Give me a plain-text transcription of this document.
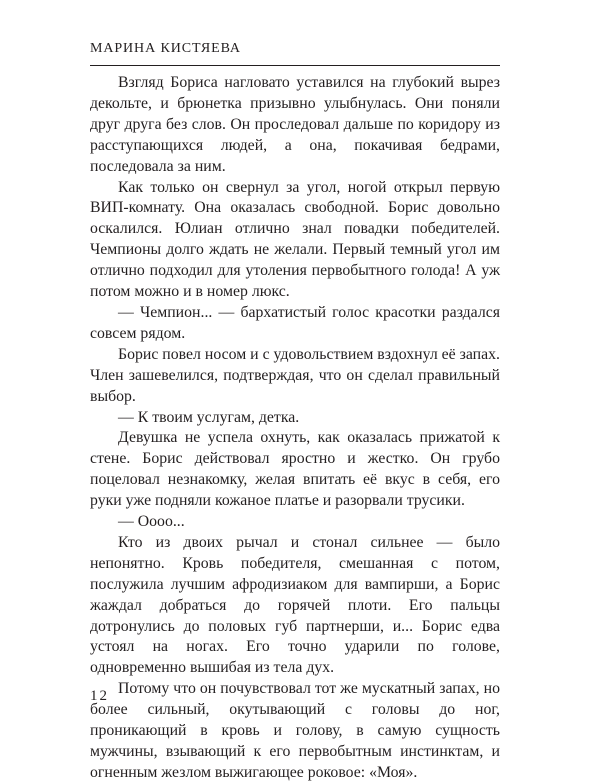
МАРИНА КИСТЯЕВА

Взгляд Бориса нагловато уставился на глубокий вырез декольте, и брюнетка призывно улыбнулась. Они поняли друг друга без слов. Он проследовал дальше по коридору из расступающихся людей, а она, покачивая бедрами, последовала за ним.

Как только он свернул за угол, ногой открыл первую ВИП-комнату. Она оказалась свободной. Борис довольно оскалился. Юлиан отлично знал повадки победителей. Чемпионы долго ждать не желали. Первый темный угол им отлично подходил для утоления первобытного голода! А уж потом можно и в номер люкс.

— Чемпион... — бархатистый голос красотки раздался совсем рядом.

Борис повел носом и с удовольствием вздохнул её запах. Член зашевелился, подтверждая, что он сделал правильный выбор.

— К твоим услугам, детка.

Девушка не успела охнуть, как оказалась прижатой к стене. Борис действовал яростно и жестко. Он грубо поцеловал незнакомку, желая впитать её вкус в себя, его руки уже подняли кожаное платье и разорвали трусики.

— Оооо...

Кто из двоих рычал и стонал сильнее — было непонятно. Кровь победителя, смешанная с потом, послужила лучшим афродизиаком для вампирши, а Борис жаждал добраться до горячей плоти. Его пальцы дотронулись до половых губ партнерши, и... Борис едва устоял на ногах. Его точно ударили по голове, одновременно вышибая из тела дух.

Потому что он почувствовал тот же мускатный запах, но более сильный, окутывающий с головы до ног, проникающий в кровь и голову, в самую сущность мужчины, взывающий к его первобытным инстинктам, и огненным жезлом выжигающее роковое: «Моя».

12
